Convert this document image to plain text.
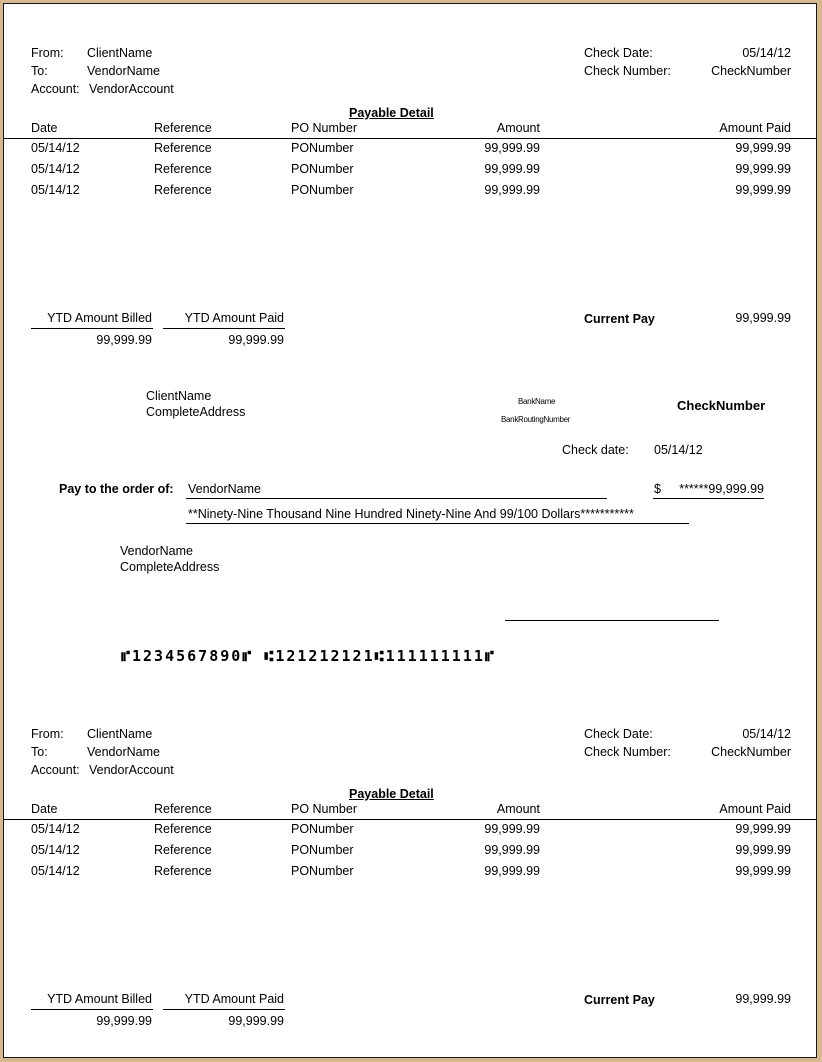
From: ClientName
To:	VendorName
Account: VendorAccount
Check Date:	05/14/12
Check Number:	CheckNumber
Payable Detail
Date	Reference	PO Number	Amount	Amount Paid
05/14/12	Reference	PONumber	99,999.99	99,999.99
05/14/12	Reference	PONumber	99,999.99	99,999.99
05/14/12	Reference	PONumber	99,999.99	99,999.99
YTD Amount Billed
99,999.99
YTD Amount Paid
99,999.99
Current Pay	99,999.99
ClientName
CompleteAddress
BankName
BankRoutingNumber
CheckNumber
Check date: 05/14/12
Pay to the order of: VendorName	$	******99,999.99
**Ninety-Nine Thousand Nine Hundred Ninety-Nine And 99/100 Dollars***********
VendorName
CompleteAddress
⑈1234567890⑈ ⑆121212121⑆111111111⑈
From: ClientName
To:	VendorName
Account: VendorAccount
Check Date:	05/14/12
Check Number:	CheckNumber
Payable Detail
Date	Reference	PO Number	Amount	Amount Paid
05/14/12	Reference	PONumber	99,999.99	99,999.99
05/14/12	Reference	PONumber	99,999.99	99,999.99
05/14/12	Reference	PONumber	99,999.99	99,999.99
YTD Amount Billed
99,999.99
YTD Amount Paid
99,999.99
Current Pay	99,999.99
